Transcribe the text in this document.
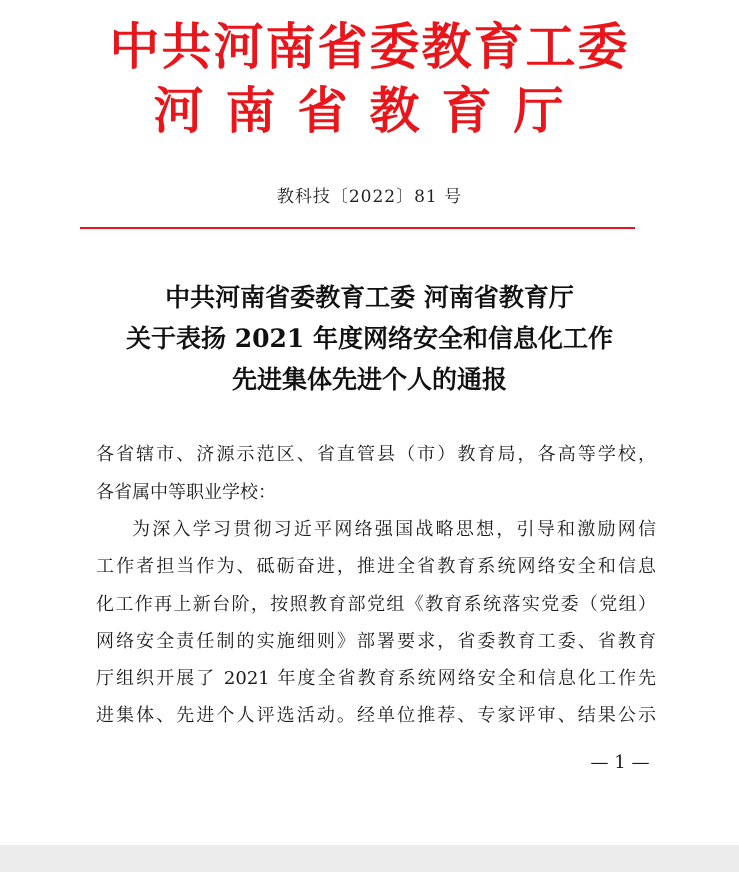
中共河南省委教育工委
河南省教育厅
教科技〔2022〕81 号
中共河南省委教育工委 河南省教育厅
关于表扬 2021 年度网络安全和信息化工作
先进集体先进个人的通报
各省辖市、济源示范区、省直管县（市）教育局，各高等学校，
各省属中等职业学校：
为深入学习贯彻习近平网络强国战略思想，引导和激励网信
工作者担当作为、砥砺奋进，推进全省教育系统网络安全和信息
化工作再上新台阶，按照教育部党组《教育系统落实党委（党组）
网络安全责任制的实施细则》部署要求，省委教育工委、省教育
厅组织开展了 2021 年度全省教育系统网络安全和信息化工作先
进集体、先进个人评选活动。经单位推荐、专家评审、结果公示
— 1 —
